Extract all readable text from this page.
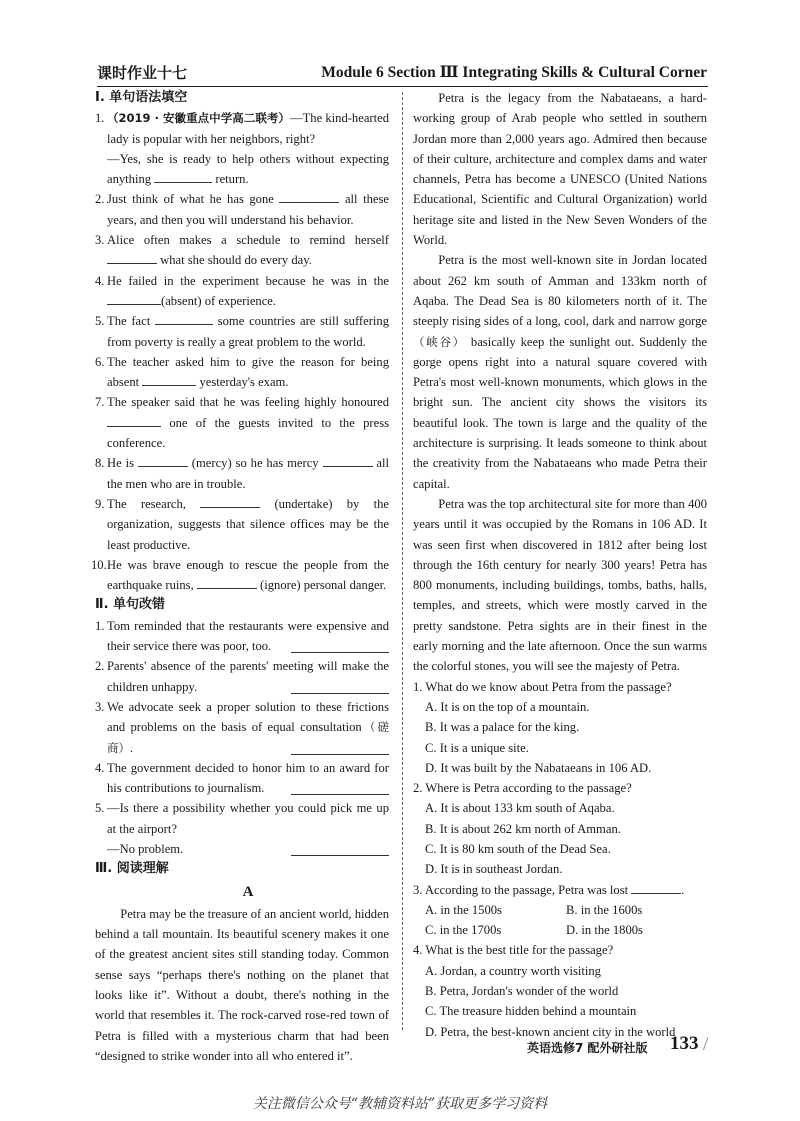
课时作业十七	Module 6 Section Ⅲ Integrating Skills & Cultural Corner
Ⅰ. 单句语法填空
1. （2019 · 安徽重点中学高二联考）—The kind-hearted lady is popular with her neighbors, right?
—Yes, she is ready to help others without expecting anything	return.
2. Just think of what he has gone	all these years, and then you will understand his behavior.
3. Alice often makes a schedule to remind herself  what she should do every day.
4. He failed in the experiment because he was in the (absent) of experience.
5. The fact	some countries are still suffering from poverty is really a great problem to the world.
6. The teacher asked him to give the reason for being absent	yesterday's exam.
7. The speaker said that he was feeling highly honoured  one of the guests invited to the press conference.
8. He is	(mercy) so he has mercy	all the men who are in trouble.
9. The research,	(undertake) by the organization, suggests that silence offices may be the least productive.
10. He was brave enough to rescue the people from the earthquake ruins,	(ignore) personal danger.
Ⅱ. 单句改错
1. Tom reminded that the restaurants were expensive and their service there was poor, too.
2. Parents' absence of the parents' meeting will make the children unhappy.
3. We advocate seek a proper solution to these frictions and problems on the basis of equal consultation（磋商）.
4. The government decided to honor him to an award for his contributions to journalism.
5. —Is there a possibility whether you could pick me up at the airport?
—No problem.
Ⅲ. 阅读理解
A
Petra may be the treasure of an ancient world, hidden behind a tall mountain. Its beautiful scenery makes it one of the greatest ancient sites still standing today. Common sense says “perhaps there's nothing on the planet that looks like it”. Without a doubt, there's nothing in the world that resembles it. The rock-carved rose-red town of Petra is filled with a mysterious charm that had been “designed to strike wonder into all who entered it”.
Petra is the legacy from the Nabataeans, a hard-working group of Arab people who settled in southern Jordan more than 2,000 years ago. Admired then because of their culture, architecture and complex dams and water channels, Petra has become a UNESCO (United Nations Educational, Scientific and Cultural Organization) world heritage site and listed in the New Seven Wonders of the World.
Petra is the most well-known site in Jordan located about 262 km south of Amman and 133km north of Aqaba. The Dead Sea is 80 kilometers north of it. The steeply rising sides of a long, cool, dark and narrow gorge（峡谷） basically keep the sunlight out. Suddenly the gorge opens right into a natural square covered with Petra's most well-known monuments, which glows in the bright sun. The ancient city shows the visitors its beautiful look. The town is large and the quality of the architecture is surprising. It leads someone to think about the creativity from the Nabataeans who made Petra their capital.
Petra was the top architectural site for more than 400 years until it was occupied by the Romans in 106 AD. It was seen first when discovered in 1812 after being lost through the 16th century for nearly 300 years! Petra has 800 monuments, including buildings, tombs, baths, halls, temples, and streets, which were mostly carved in the pretty sandstone. Petra sights are in their finest in the early morning and the late afternoon. Once the sun warms the colorful stones, you will see the majesty of Petra.
1. What do we know about Petra from the passage?
A. It is on the top of a mountain.
B. It was a palace for the king.
C. It is a unique site.
D. It was built by the Nabataeans in 106 AD.
2. Where is Petra according to the passage?
A. It is about 133 km south of Aqaba.
B. It is about 262 km north of Amman.
C. It is 80 km south of the Dead Sea.
D. It is in southeast Jordan.
3. According to the passage, Petra was lost	.
A. in the 1500s	B. in the 1600s
C. in the 1700s	D. in the 1800s
4. What is the best title for the passage?
A. Jordan, a country worth visiting
B. Petra, Jordan's wonder of the world
C. The treasure hidden behind a mountain
D. Petra, the best-known ancient city in the world
英语选修7 配外研社版 133 /
关注微信公众号“教辅资料站”获取更多学习资料
